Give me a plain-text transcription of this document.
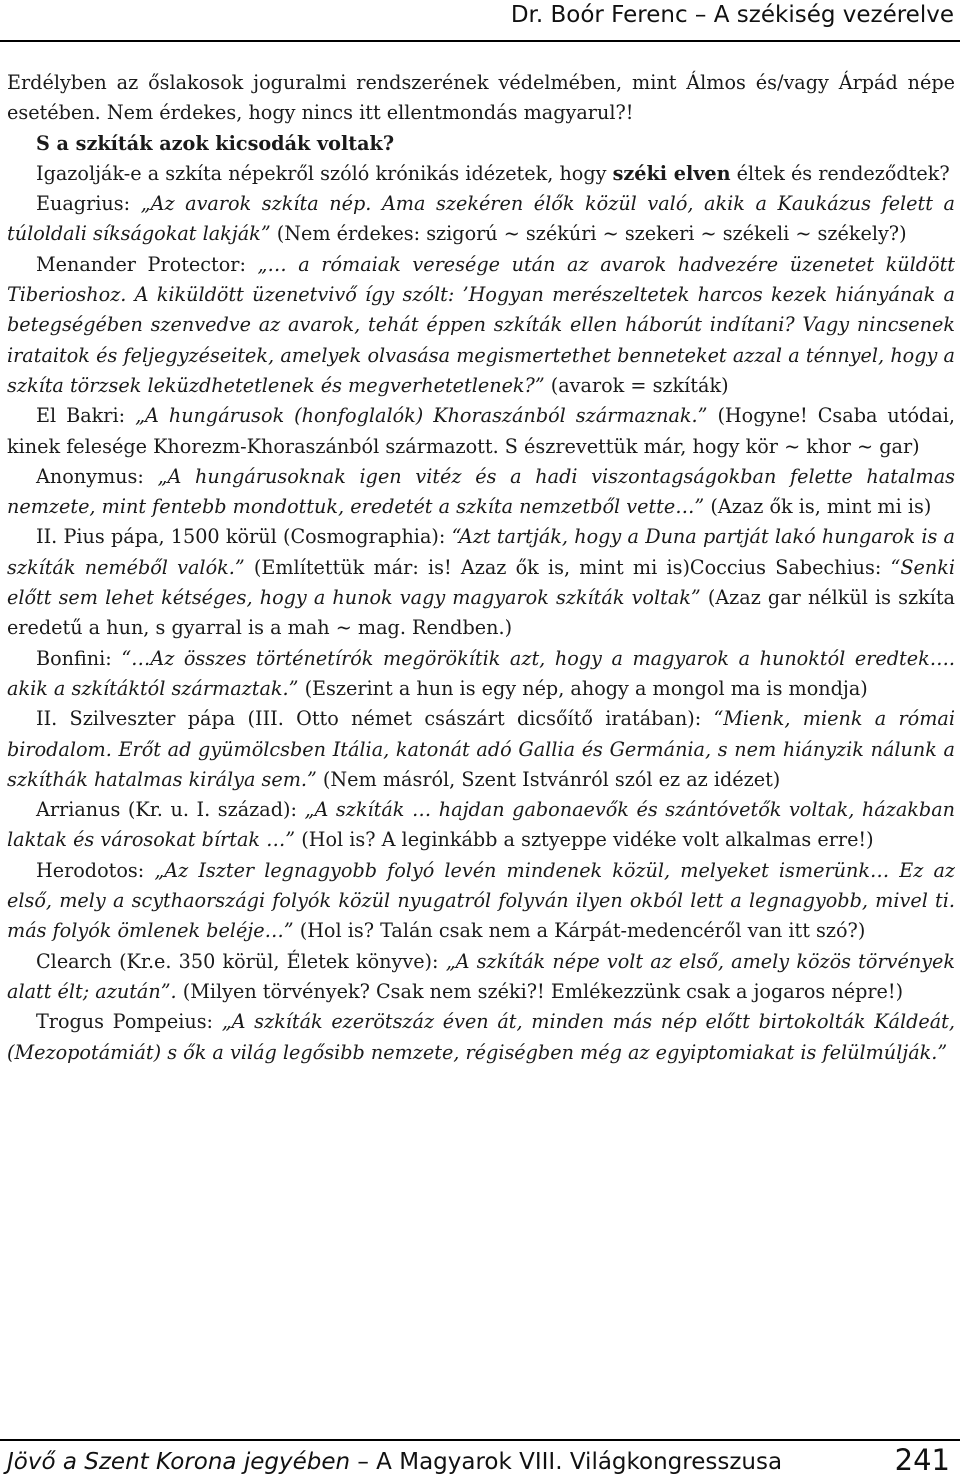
Dr. Boór Ferenc – A székiség vezérelve

Erdélyben az őslakosok joguralmi rendszerének védelmében, mint Álmos és/vagy Árpád népe esetében. Nem érdekes, hogy nincs itt ellentmondás magyarul?!

S a szkíták azok kicsodák voltak?

Igazolják-e a szkíta népekről szóló krónikás idézetek, hogy széki elven éltek és rendeződtek?

Euagrius: „Az avarok szkíta nép. Ama szekéren élők közül való, akik a Kaukázus felett a túloldali síkságokat lakják” (Nem érdekes: szigorú ~ székúri ~ szekeri ~ székeli ~ székely?)

Menander Protector: „… a rómaiak veresége után az avarok hadvezére üzenetet küldött Tiberioshoz. A kiküldött üzenetvivő így szólt: ’Hogyan merészeltetek harcos kezek hiányának a betegségében szenvedve az avarok, tehát éppen szkíták ellen háborút indítani? Vagy nincsenek irataitok és feljegyzéseitek, amelyek olvasása megismertethet benneteket azzal a ténnyel, hogy a szkíta törzsek leküzdhetetlenek és megverhetetlenek?” (avarok = szkíták)

El Bakri: „A hungárusok (honfoglalók) Khoraszánból származnak.” (Hogyne! Csaba utódai, kinek felesége Khorezm-Khoraszánból származott. S észrevettük már, hogy kör ~ khor ~ gar)

Anonymus: „A hungárusoknak igen vitéz és a hadi viszontagságokban felette hatalmas nemzete, mint fentebb mondottuk, eredetét a szkíta nemzetből vette…” (Azaz ők is, mint mi is)

II. Pius pápa, 1500 körül (Cosmographia): “Azt tartják, hogy a Duna partját lakó hungarok is a szkíták neméből valók.” (Említettük már: is! Azaz ők is, mint mi is)Coccius Sabechius: “Senki előtt sem lehet kétséges, hogy a hunok vagy magyarok szkíták voltak” (Azaz gar nélkül is szkíta eredetű a hun, s gyarral is a mah ~ mag. Rendben.)

Bonfini: “…Az összes történetírók megörökítik azt, hogy a magyarok a hunoktól eredtek…. akik a szkítáktól származtak.” (Eszerint a hun is egy nép, ahogy a mongol ma is mondja)

II. Szilveszter pápa (III. Otto német császárt dicsőítő iratában): “Mienk, mienk a római birodalom. Erőt ad gyümölcsben Itália, katonát adó Gallia és Germánia, s nem hiányzik nálunk a szkíthák hatalmas királya sem.” (Nem másról, Szent Istvánról szól ez az idézet)

Arrianus (Kr. u. I. század): „A szkíták … hajdan gabonaevők és szántóvetők voltak, házakban laktak és városokat bírtak …” (Hol is? A leginkább a sztyeppe vidéke volt alkalmas erre!)

Herodotos: „Az Iszter legnagyobb folyó levén mindenek közül, melyeket ismerünk… Ez az első, mely a scythaországi folyók közül nyugatról folyván ilyen okból lett a legnagyobb, mivel ti. más folyók ömlenek beléje…” (Hol is? Talán csak nem a Kárpát-medencéről van itt szó?)

Clearch (Kr.e. 350 körül, Életek könyve): „A szkíták népe volt az első, amely közös törvények alatt élt; azután”. (Milyen törvények? Csak nem széki?! Emlékezzünk csak a jogaros népre!)

Trogus Pompeius: „A szkíták ezerötszáz éven át, minden más nép előtt birtokolták Káldeát, (Mezopotámiát) s ők a világ legősibb nemzete, régiségben még az egyiptomiakat is felülmúlják.”

Jövő a Szent Korona jegyében – A Magyarok VIII. Világkongresszusa	241
